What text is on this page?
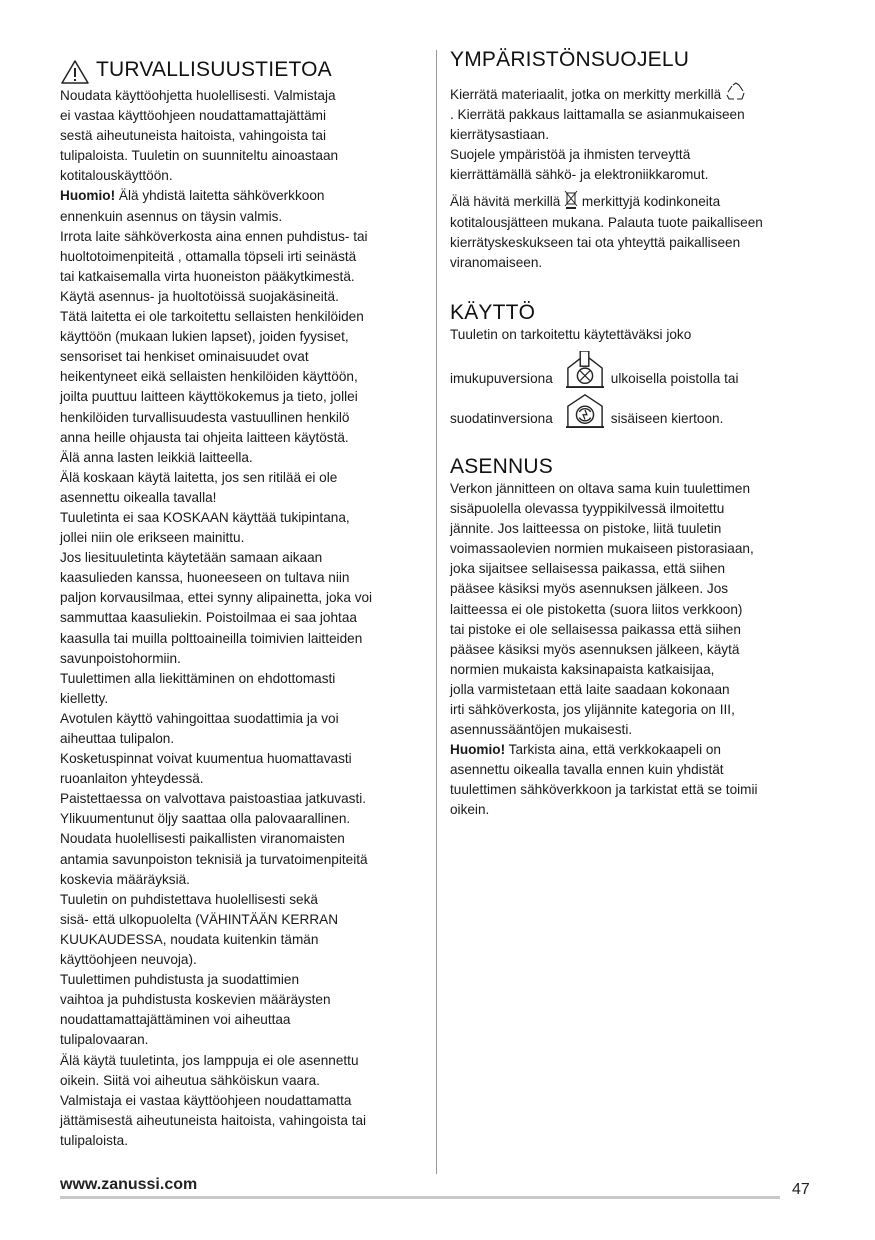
TURVALLISUUSTIETOA
Noudata käyttöohjetta huolellisesti. Valmistaja
ei vastaa käyttöohjeen noudattamattajättämi
sestä aiheutuneista haitoista, vahingoista tai
tulipaloista. Tuuletin on suunniteltu ainoastaan
kotitalouskäyttöön.
Huomio! Älä yhdistä laitetta sähköverkkoon
ennenkuin asennus on täysin valmis.
Irrota laite sähköverkosta aina ennen puhdistus- tai
huoltotoimenpiteitä , ottamalla töpseli irti seinästä
tai katkaisemalla virta huoneiston pääkytkimestä.
Käytä asennus- ja huoltotöissä suojakäsineitä.
Tätä laitetta ei ole tarkoitettu sellaisten henkilöiden
käyttöön (mukaan lukien lapset), joiden fyysiset,
sensoriset tai henkiset ominaisuudet ovat
heikentyneet eikä sellaisten henkilöiden käyttöön,
joilta puuttuu laitteen käyttökokemus ja tieto, jollei
henkilöiden turvallisuudesta vastuullinen henkilö
anna heille ohjausta tai ohjeita laitteen käytöstä.
Älä anna lasten leikkiä laitteella.
Älä koskaan käytä laitetta, jos sen ritilää ei ole
asennettu oikealla tavalla!
Tuuletinta ei saa KOSKAAN käyttää tukipintana,
jollei niin ole erikseen mainittu.
Jos liesituuletinta käytetään samaan aikaan
kaasulieden kanssa, huoneeseen on tultava niin
paljon korvausilmaa, ettei synny alipainetta, joka voi
sammuttaa kaasuliekin. Poistoilmaa ei saa johtaa
kaasulla tai muilla polttoaineilla toimivien laitteiden
savunpoistohormiin.
Tuulettimen alla liekittäminen on ehdottomasti
kielletty.
Avotulen käyttö vahingoittaa suodattimia ja voi
aiheuttaa tulipalon.
Kosketuspinnat voivat kuumentua huomattavasti
ruoanlaiton yhteydessä.
Paistettaessa on valvottava paistoastiaa jatkuvasti.
Ylikuumentunut öljy saattaa olla palovaarallinen.
Noudata huolellisesti paikallisten viranomaisten
antamia savunpoiston teknisiä ja turvatoimenpiteitä
koskevia määräyksiä.
Tuuletin on puhdistettava huolellisesti sekä
sisä- että ulkopuolelta (VÄHINTÄÄN KERRAN
KUUKAUDESSA, noudata kuitenkin tämän
käyttöohjeen neuvoja).
Tuulettimen puhdistusta ja suodattimien
vaihtoa ja puhdistusta koskevien määräysten
noudattamattajättäminen voi aiheuttaa
tulipalovaaran.
Älä käytä tuuletinta, jos lamppuja ei ole asennettu
oikein. Siitä voi aiheutua sähköiskun vaara.
Valmistaja ei vastaa käyttöohjeen noudattamatta
jättämisestä aiheutuneista haitoista, vahingoista tai
tulipaloista.
YMPÄRISTÖNSUOJELU
Kierrätä materiaalit, jotka on merkitty merkillä
. Kierrätä pakkaus laittamalla se asianmukaiseen
kierrätysastiaan.
Suojele ympäristöä ja ihmisten terveyttä
kierrättämällä sähkö- ja elektroniikkaromut.
Älä hävitä merkillä merkittyjä kodinkoneita
kotitalousjätteen mukana. Palauta tuote paikalliseen
kierrätyskeskukseen tai ota yhteyttä paikalliseen
viranomaiseen.
KÄYTTÖ
Tuuletin on tarkoitettu käytettäväksi joko
imukupuversiona	ulkoisella poistolla tai
suodatinversiona	sisäiseen kiertoon.
ASENNUS
Verkon jännitteen on oltava sama kuin tuulettimen
sisäpuolella olevassa tyyppikilvessä ilmoitettu
jännite. Jos laitteessa on pistoke, liitä tuuletin
voimassaolevien normien mukaiseen pistorasiaan,
joka sijaitsee sellaisessa paikassa, että siihen
pääsee käsiksi myös asennuksen jälkeen. Jos
laitteessa ei ole pistoketta (suora liitos verkkoon)
tai pistoke ei ole sellaisessa paikassa että siihen
pääsee käsiksi myös asennuksen jälkeen, käytä
normien mukaista kaksinapaista katkaisijaa,
jolla varmistetaan että laite saadaan kokonaan
irti sähköverkosta, jos ylijännite kategoria on III,
asennussääntöjen mukaisesti.
Huomio! Tarkista aina, että verkkokaapeli on
asennettu oikealla tavalla ennen kuin yhdistät
tuulettimen sähköverkkoon ja tarkistat että se toimii
oikein.
www.zanussi.com	47
